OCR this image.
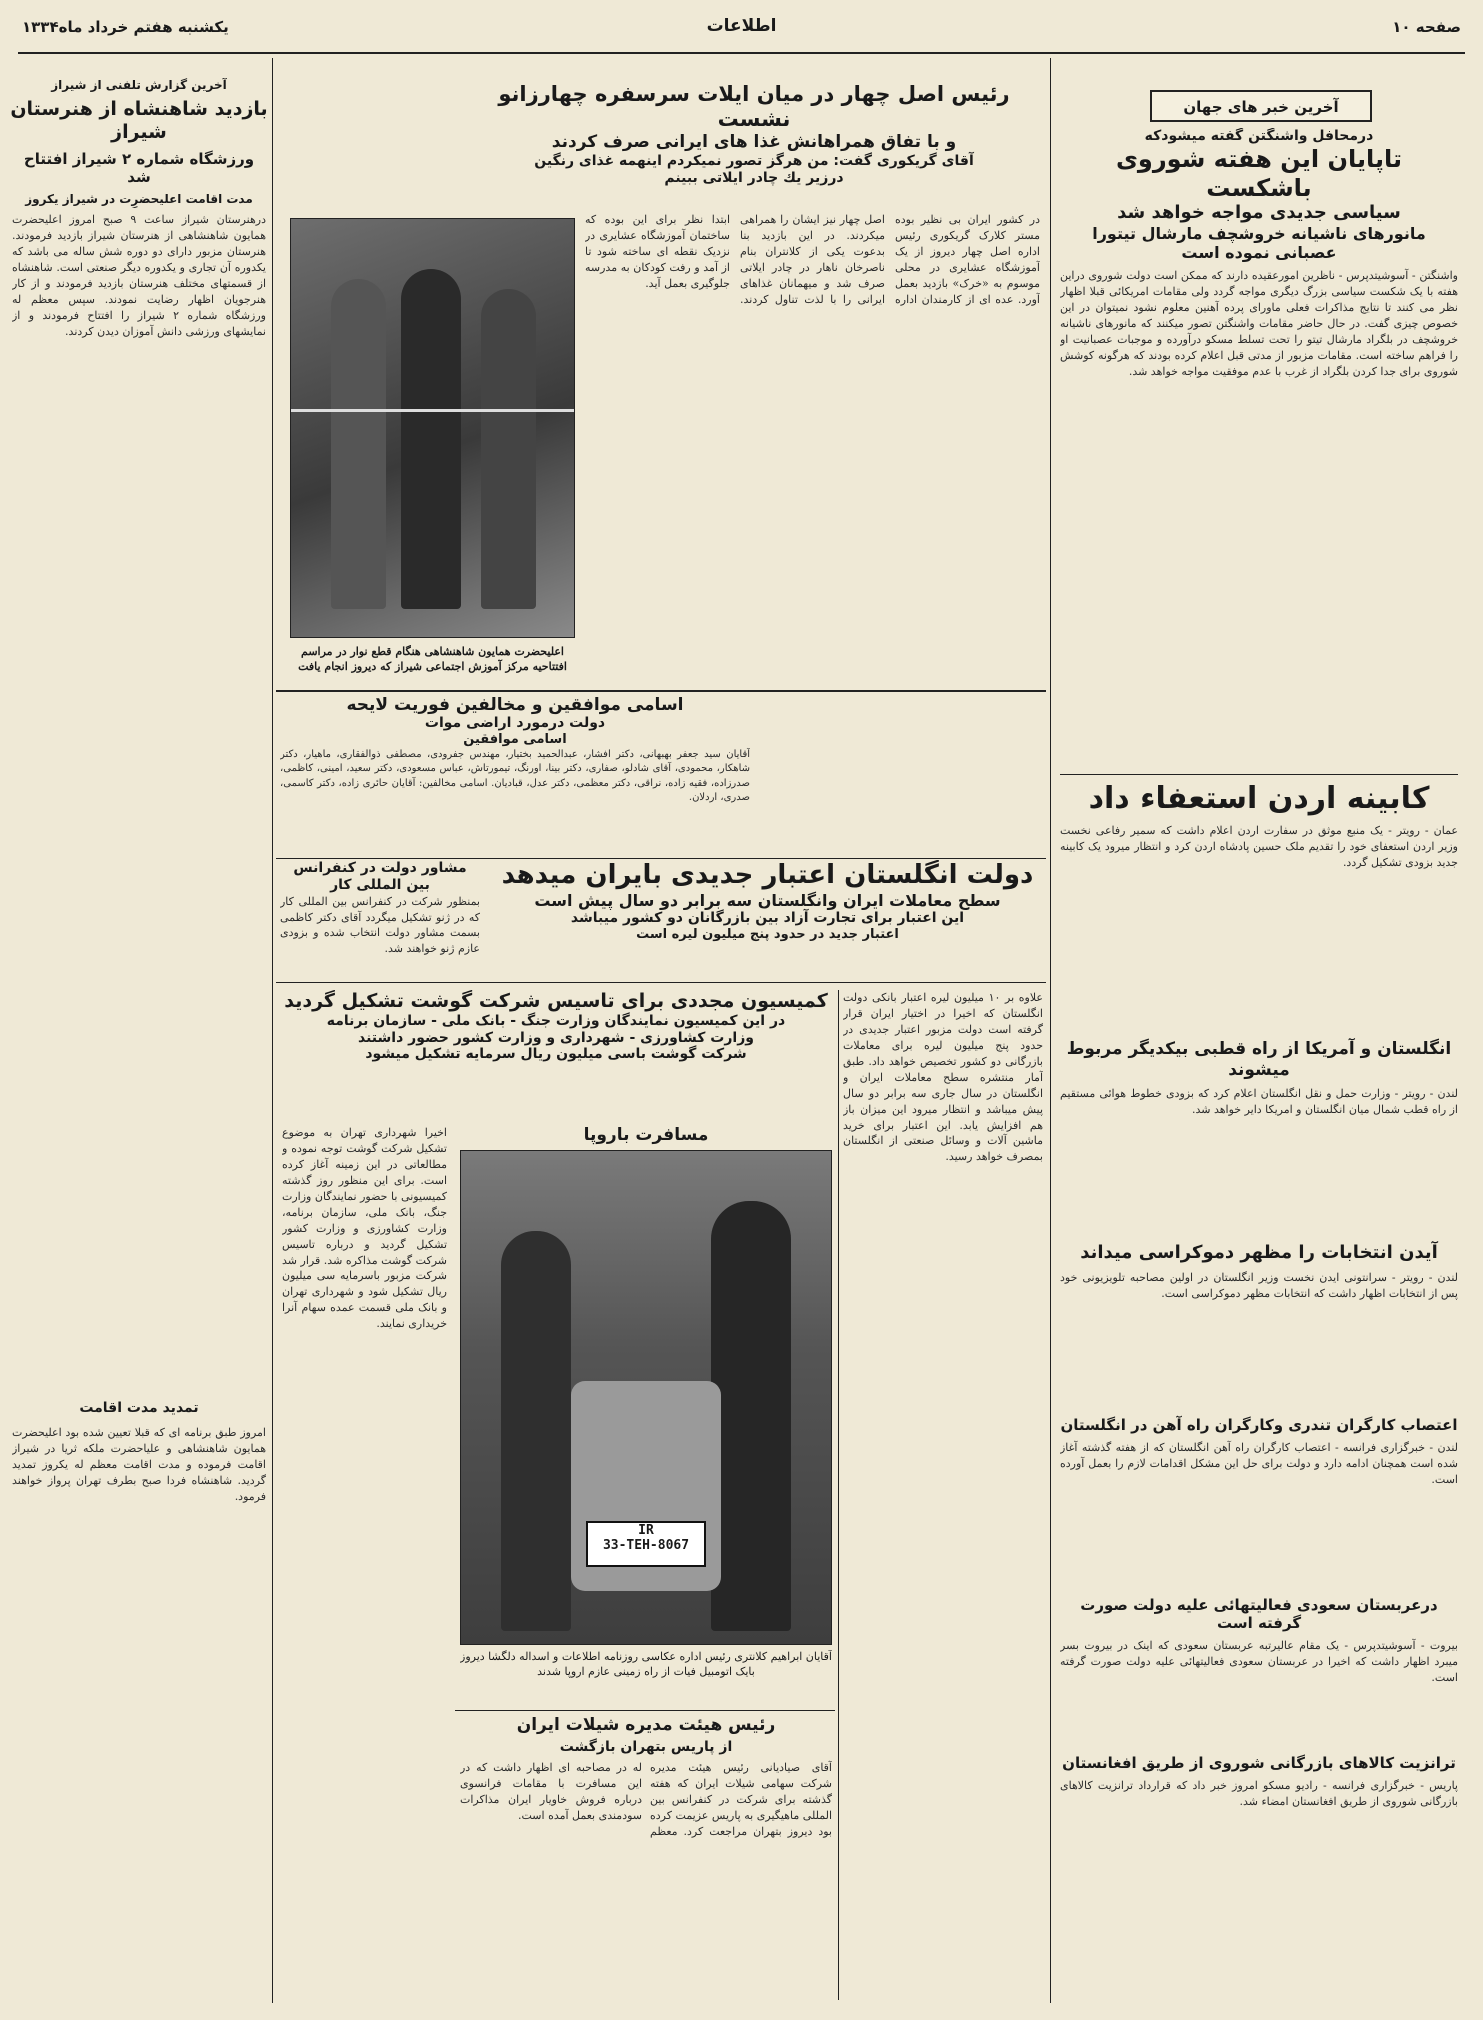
صفحه ۱۰
اطلاعات
يكشنبه هفتم خرداد ماه۱۳۳۴
آخرین خبر های جهان
درمحافل واشنگتن گفته میشودکه
تاپایان این هفته شوروی باشکست
سیاسی جدیدی مواجه خواهد شد
مانورهای ناشیانه خروشچف مارشال تیتورا
عصبانی نموده است
واشنگتن - آسوشیتدپرس - ناظرین امورعقیده دارند که ممکن است دولت شوروی دراین هفته با یک شکست سیاسی بزرگ دیگری مواجه گردد ولی مقامات امریکائی قبلا اظهار نظر می کنند تا نتایج مذاکرات فعلی ماورای پرده آهنین معلوم نشود نمیتوان در این خصوص چیزی گفت. در حال حاضر مقامات واشنگتن تصور میکنند که مانورهای ناشیانه خروشچف در بلگراد مارشال تیتو را تحت تسلط مسکو درآورده و موجبات عصبانیت او را فراهم ساخته است. مقامات مزبور از مدتی قبل اعلام کرده بودند که هرگونه کوشش شوروی برای جدا کردن بلگراد از غرب با عدم موفقیت مواجه خواهد شد.
کابینه اردن استعفاء داد
عمان - رویتر - یک منبع موثق در سفارت اردن اعلام داشت که سمیر رفاعی نخست وزیر اردن استعفای خود را تقدیم ملک حسین پادشاه اردن کرد و انتظار میرود یک کابینه جدید بزودی تشکیل گردد.
انگلستان و آمریکا از راه قطبی بیکدیگر مربوط میشوند
لندن - رویتر - وزارت حمل و نقل انگلستان اعلام کرد که بزودی خطوط هوائی مستقیم از راه قطب شمال میان انگلستان و امریکا دایر خواهد شد.
آیدن انتخابات را مظهر دموکراسی میداند
لندن - رویتر - سرانتونی ایدن نخست وزیر انگلستان در اولین مصاحبه تلویزیونی خود پس از انتخابات اظهار داشت که انتخابات مظهر دموکراسی است.
اعتصاب کارگران تندری وکارگران راه آهن در انگلستان
لندن - خبرگزاری فرانسه - اعتصاب کارگران راه آهن انگلستان که از هفته گذشته آغاز شده است همچنان ادامه دارد و دولت برای حل این مشکل اقدامات لازم را بعمل آورده است.
درعربستان سعودی فعالیتهائی علیه دولت صورت گرفته است
بیروت - آسوشیتدپرس - یک مقام عالیرتبه عربستان سعودی که اینک در بیروت بسر میبرد اظهار داشت که اخیرا در عربستان سعودی فعالیتهائی علیه دولت صورت گرفته است.
ترانزیت کالاهای بازرگانی شوروی از طریق افغانستان
پاریس - خبرگزاری فرانسه - رادیو مسکو امروز خبر داد که قرارداد ترانزیت کالاهای بازرگانی شوروی از طریق افغانستان امضاء شد.
رئیس اصل چهار در میان ایلات سرسفره چهارزانو نشست
و با تفاق همراهانش غذا های ایرانی صرف کردند
آقای گریکوری گفت: من هرگز تصور نمیکردم اینهمه غذای رنگین
درزیر یك چادر ایلاتی ببینم
در کشور ایران بی نظیر بوده مستر کلارک گریکوری رئیس اداره اصل چهار دیروز از یک آموزشگاه عشایری در محلی موسوم به «خرک» بازدید بعمل آورد. عده ای از کارمندان اداره اصل چهار نیز ایشان را همراهی میکردند. در این بازدید بنا بدعوت یکی از کلانتران بنام ناصرخان ناهار در چادر ایلاتی صرف شد و میهمانان غذاهای ایرانی را با لذت تناول کردند. ابتدا نظر برای این بوده که ساختمان آموزشگاه عشایری در نزدیک نقطه ای ساخته شود تا از آمد و رفت کودکان به مدرسه جلوگیری بعمل آید.
اعلیحضرت همایون شاهنشاهی هنگام قطع نوار در مراسم افتتاحیه مرکز آموزش اجتماعی شیراز که دیروز انجام یافت
آخرین گزارش تلفنی از شیراز
بازدید شاهنشاه از هنرستان شیراز
ورزشگاه شماره ۲ شیراز افتتاح شد
مدت اقامت اعلیحضرت در شیراز یکروز
درهنرستان شیراز ساعت ۹ صبح امروز اعلیحضرت همایون شاهنشاهی از هنرستان شیراز بازدید فرمودند. هنرستان مزبور دارای دو دوره شش ساله می باشد که یکدوره آن تجاری و یکدوره دیگر صنعتی است. شاهنشاه از قسمتهای مختلف هنرستان بازدید فرمودند و از کار هنرجویان اظهار رضایت نمودند. سپس معظم له ورزشگاه شماره ۲ شیراز را افتتاح فرمودند و از نمایشهای ورزشی دانش آموزان دیدن کردند.
تمدید مدت اقامت
امروز طبق برنامه ای که قبلا تعیین شده بود اعلیحضرت همایون شاهنشاهی و علیاحضرت ملکه ثریا در شیراز اقامت فرموده و مدت اقامت معظم له یکروز تمدید گردید. شاهنشاه فردا صبح بطرف تهران پرواز خواهند فرمود.
اسامی موافقین و مخالفین فوریت لایحه
دولت درمورد اراضی موات
اسامی موافقین
آقایان سید جعفر بهبهانی، دکتر افشار، عبدالحمید بختیار، مهندس جفرودی، مصطفی ذوالفقاری، ماهیار، دکتر شاهکار، محمودی، آقای شادلو، صفاری، دکتر بینا، اورنگ، تیمورتاش، عباس مسعودی، دکتر سعید، امینی، کاظمی، صدرزاده، فقیه زاده، نراقی، دکتر معظمی، دکتر عدل، قبادیان. اسامی مخالفین: آقایان حائری زاده، دکتر کاسمی، صدری، اردلان.
مشاور دولت در کنفرانس
بین المللی کار
بمنظور شرکت در کنفرانس بین المللی کار که در ژنو تشکیل میگردد آقای دکتر کاظمی بسمت مشاور دولت انتخاب شده و بزودی عازم ژنو خواهند شد.
دولت انگلستان اعتبار جدیدی بایران میدهد
سطح معاملات ایران وانگلستان سه برابر دو سال پیش است
این اعتبار برای تجارت آزاد بین بازرگانان دو کشور میباشد
اعتبار جدید در حدود پنج میلیون لیره است
علاوه بر ۱۰ میلیون لیره اعتبار بانکی دولت انگلستان که اخیرا در اختیار ایران قرار گرفته است دولت مزبور اعتبار جدیدی در حدود پنج میلیون لیره برای معاملات بازرگانی دو کشور تخصیص خواهد داد. طبق آمار منتشره سطح معاملات ایران و انگلستان در سال جاری سه برابر دو سال پیش میباشد و انتظار میرود این میزان باز هم افزایش یابد. این اعتبار برای خرید ماشین آلات و وسائل صنعتی از انگلستان بمصرف خواهد رسید.
کمیسیون مجددی برای تاسیس شرکت گوشت تشکیل گردید
در این کمیسیون نمایندگان وزارت جنگ - بانک ملی - سازمان برنامه
وزارت کشاورزی - شهرداری و وزارت کشور حضور داشتند
شرکت گوشت باسی میلیون ریال سرمایه تشکیل میشود
اخیرا شهرداری تهران به موضوع تشکیل شرکت گوشت توجه نموده و مطالعاتی در این زمینه آغاز کرده است. برای این منظور روز گذشته کمیسیونی با حضور نمایندگان وزارت جنگ، بانک ملی، سازمان برنامه، وزارت کشاورزی و وزارت کشور تشکیل گردید و درباره تاسیس شرکت گوشت مذاکره شد. قرار شد شرکت مزبور باسرمایه سی میلیون ریال تشکیل شود و شهرداری تهران و بانک ملی قسمت عمده سهام آنرا خریداری نمایند.
مسافرت باروپا
IR
33-TEH-8067
آقایان ابراهیم کلانتری رئیس اداره عکاسی روزنامه اطلاعات و اسداله دلگشا دیروز بایک اتومبیل فیات از راه زمینی عازم اروپا شدند
رئیس هیئت مدیره شیلات ایران
از پاریس بتهران بازگشت
آقای صیادیانی رئیس هیئت مدیره شرکت سهامی شیلات ایران که هفته گذشته برای شرکت در کنفرانس بین المللی ماهیگیری به پاریس عزیمت کرده بود دیروز بتهران مراجعت کرد. معظم له در مصاحبه ای اظهار داشت که در این مسافرت با مقامات فرانسوی درباره فروش خاویار ایران مذاکرات سودمندی بعمل آمده است.
